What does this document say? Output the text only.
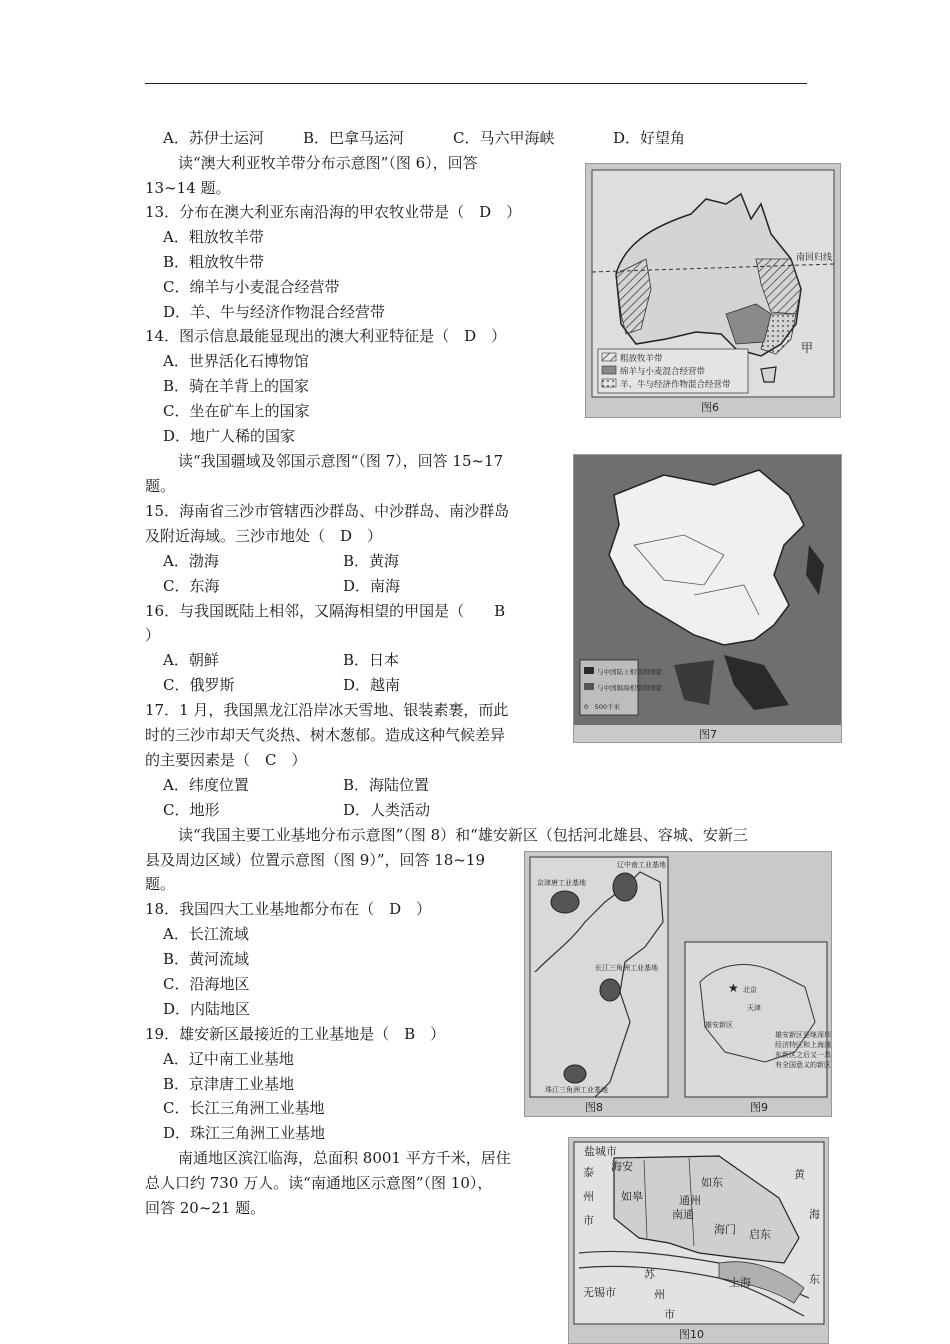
A．苏伊士运河	B．巴拿马运河	C．马六甲海峡	D．好望角
读“澳大利亚牧羊带分布示意图”（图 6），回答
13~14 题。
13．分布在澳大利亚东南沿海的甲农牧业带是（　D　）
A．粗放牧羊带
B．粗放牧牛带
C．绵羊与小麦混合经营带
D．羊、牛与经济作物混合经营带
14．图示信息最能显现出的澳大利亚特征是（　D　）
A．世界活化石博物馆
B．骑在羊背上的国家
C．坐在矿车上的国家
D．地广人稀的国家
读“我国疆域及邻国示意图“（图 7），回答 15~17
题。
15．海南省三沙市管辖西沙群岛、中沙群岛、南沙群岛
及附近海域。三沙市地处（　D　）
A．渤海	B．黄海
C．东海	D．南海
16．与我国既陆上相邻，又隔海相望的甲国是（　　B
）
A．朝鲜	B．日本
C．俄罗斯	D．越南
17．1 月，我国黑龙江沿岸冰天雪地、银装素裹，而此
时的三沙市却天气炎热、树木葱郁。造成这种气候差异
的主要因素是（　C　）
A．纬度位置	B．海陆位置
C．地形	D．人类活动
读“我国主要工业基地分布示意图”（图 8）和“雄安新区（包括河北雄县、容城、安新三
县及周边区域）位置示意图（图 9）”，回答 18~19
题。
18．我国四大工业基地都分布在（　D　）
A．长江流域
B．黄河流域
C．沿海地区
D．内陆地区
19．雄安新区最接近的工业基地是（　B　）
A．辽中南工业基地
B．京津唐工业基地
C．长江三角洲工业基地
D．珠江三角洲工业基地
南通地区滨江临海，总面积 8001 平方千米，居住
总人口约 730 万人。读“南通地区示意图”（图 10），
回答 20~21 题。
南回归线
甲
粗放牧羊带
绵羊与小麦混合经营带
羊、牛与经济作物混合经营带
图6
与中国陆上相邻的国家
与中国隔海相望的国家
0　500千米
图7
辽中南工业基地
京津唐工业基地
长江三角洲工业基地
珠江三角洲工业基地
★ 北京
天津
雄安新区
雄安新区是继深圳
经济特区和上海浦
东新区之后又一具
有全国意义的新区
图8	图9
盐城市
泰
州
市
海安
如皋
如东
南通
海门 启东
通州
苏
州
市
无锡市
上海
黄
海
东
图10
